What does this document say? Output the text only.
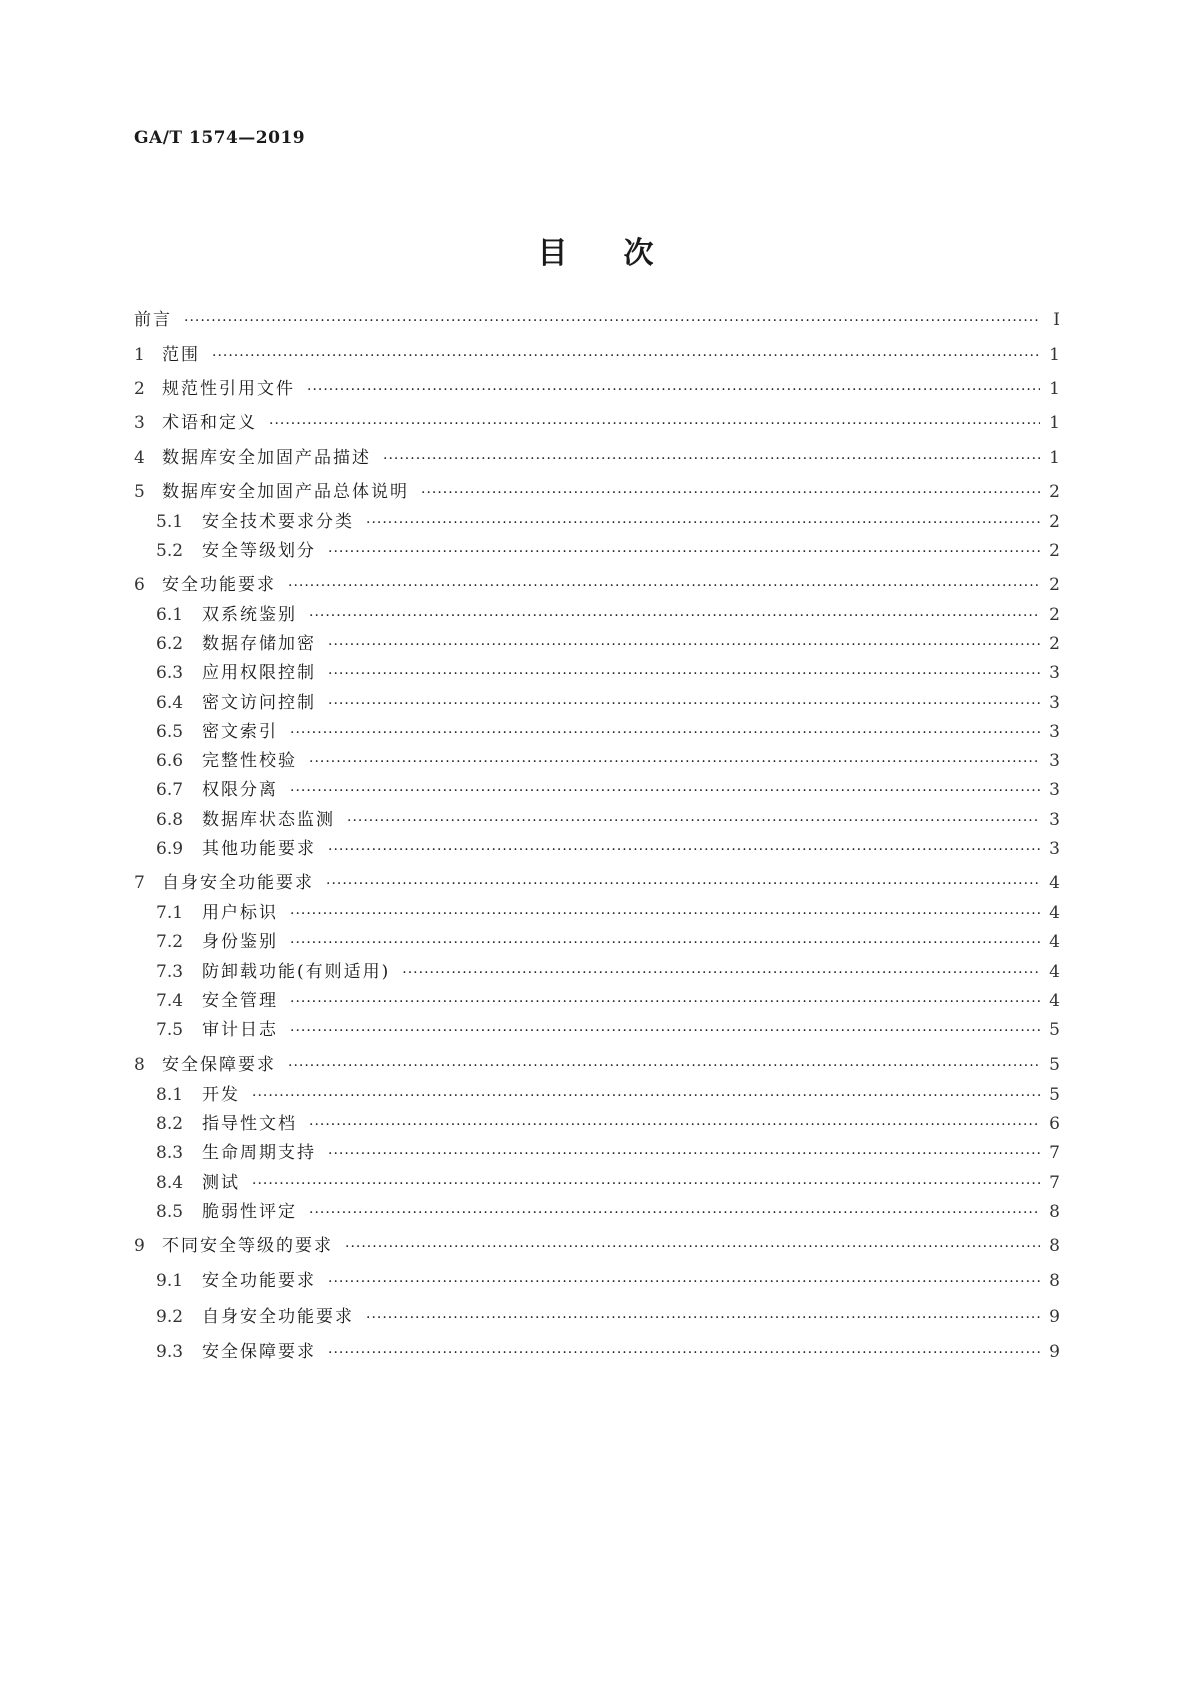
GA/T 1574—2019
目次
前言 ·····	Ⅰ
1	范围 ·····	1
2	规范性引用文件 ·····	1
3	术语和定义 ·····	1
4	数据库安全加固产品描述 ·····	1
5	数据库安全加固产品总体说明 ·····	2
5.1	安全技术要求分类 ·····	2
5.2	安全等级划分 ·····	2
6	安全功能要求 ·····	2
6.1	双系统鉴别 ·····	2
6.2	数据存储加密 ·····	2
6.3	应用权限控制 ·····	3
6.4	密文访问控制 ·····	3
6.5	密文索引 ·····	3
6.6	完整性校验 ·····	3
6.7	权限分离 ·····	3
6.8	数据库状态监测 ·····	3
6.9	其他功能要求 ·····	3
7	自身安全功能要求 ·····	4
7.1	用户标识 ·····	4
7.2	身份鉴别 ·····	4
7.3	防卸载功能(有则适用) ·····	4
7.4	安全管理 ·····	4
7.5	审计日志 ·····	5
8	安全保障要求 ·····	5
8.1	开发 ·····	5
8.2	指导性文档 ·····	6
8.3	生命周期支持 ·····	7
8.4	测试 ·····	7
8.5	脆弱性评定 ·····	8
9	不同安全等级的要求 ·····	8
9.1	安全功能要求 ·····	8
9.2	自身安全功能要求 ·····	9
9.3	安全保障要求 ·····	9
